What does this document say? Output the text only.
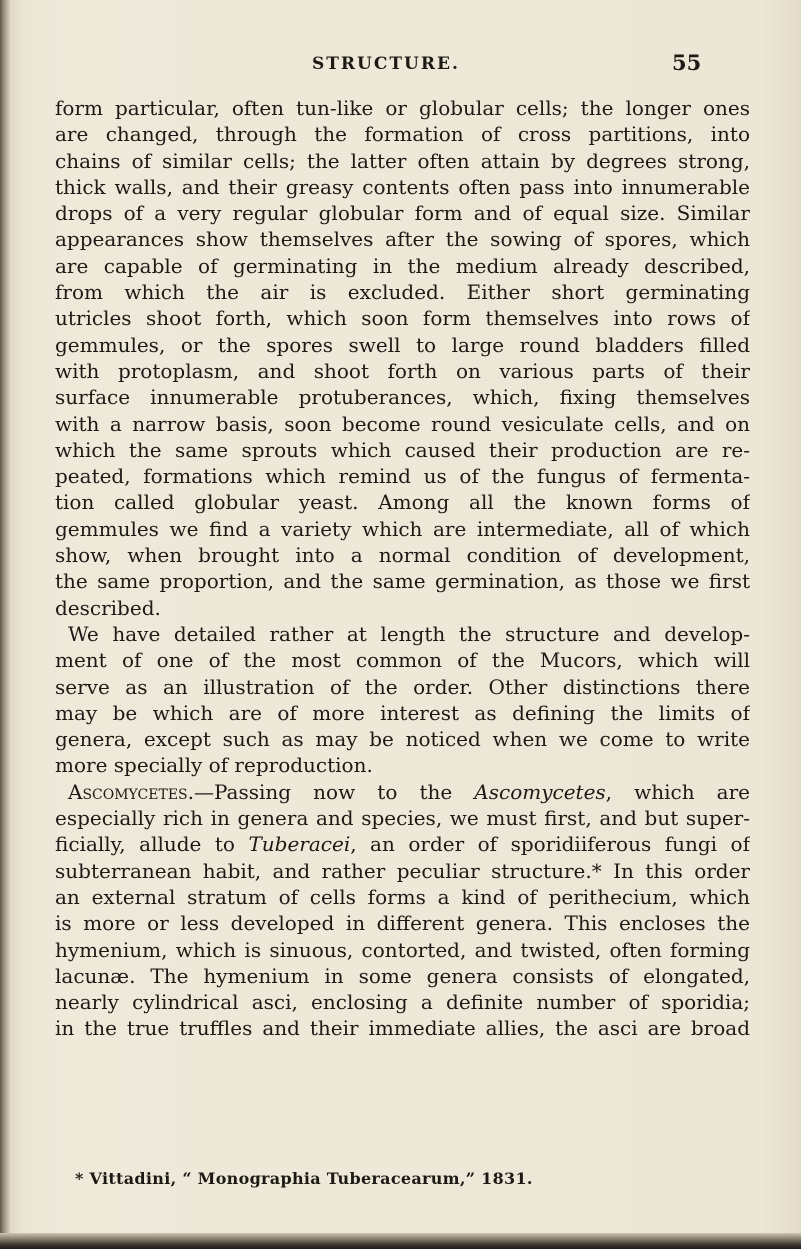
STRUCTURE.	55
form particular, often tun-like or globular cells; the longer ones
are changed, through the formation of cross partitions, into
chains of similar cells; the latter often attain by degrees strong,
thick walls, and their greasy contents often pass into innumerable
drops of a very regular globular form and of equal size. Similar
appearances show themselves after the sowing of spores, which
are capable of germinating in the medium already described,
from which the air is excluded. Either short germinating
utricles shoot forth, which soon form themselves into rows of
gemmules, or the spores swell to large round bladders filled
with protoplasm, and shoot forth on various parts of their
surface innumerable protuberances, which, fixing themselves
with a narrow basis, soon become round vesiculate cells, and on
which the same sprouts which caused their production are re-
peated, formations which remind us of the fungus of fermenta-
tion called globular yeast. Among all the known forms of
gemmules we find a variety which are intermediate, all of which
show, when brought into a normal condition of development,
the same proportion, and the same germination, as those we first
described.
We have detailed rather at length the structure and develop-
ment of one of the most common of the Mucors, which will
serve as an illustration of the order. Other distinctions there
may be which are of more interest as defining the limits of
genera, except such as may be noticed when we come to write
more specially of reproduction.
Ascomycetes.—Passing now to the Ascomycetes, which are
especially rich in genera and species, we must first, and but super-
ficially, allude to Tuberacei, an order of sporidiiferous fungi of
subterranean habit, and rather peculiar structure.* In this order
an external stratum of cells forms a kind of perithecium, which
is more or less developed in different genera. This encloses the
hymenium, which is sinuous, contorted, and twisted, often forming
lacunæ. The hymenium in some genera consists of elongated,
nearly cylindrical asci, enclosing a definite number of sporidia;
in the true truffles and their immediate allies, the asci are broad
* Vittadini, “ Monographia Tuberacearum,” 1831.
